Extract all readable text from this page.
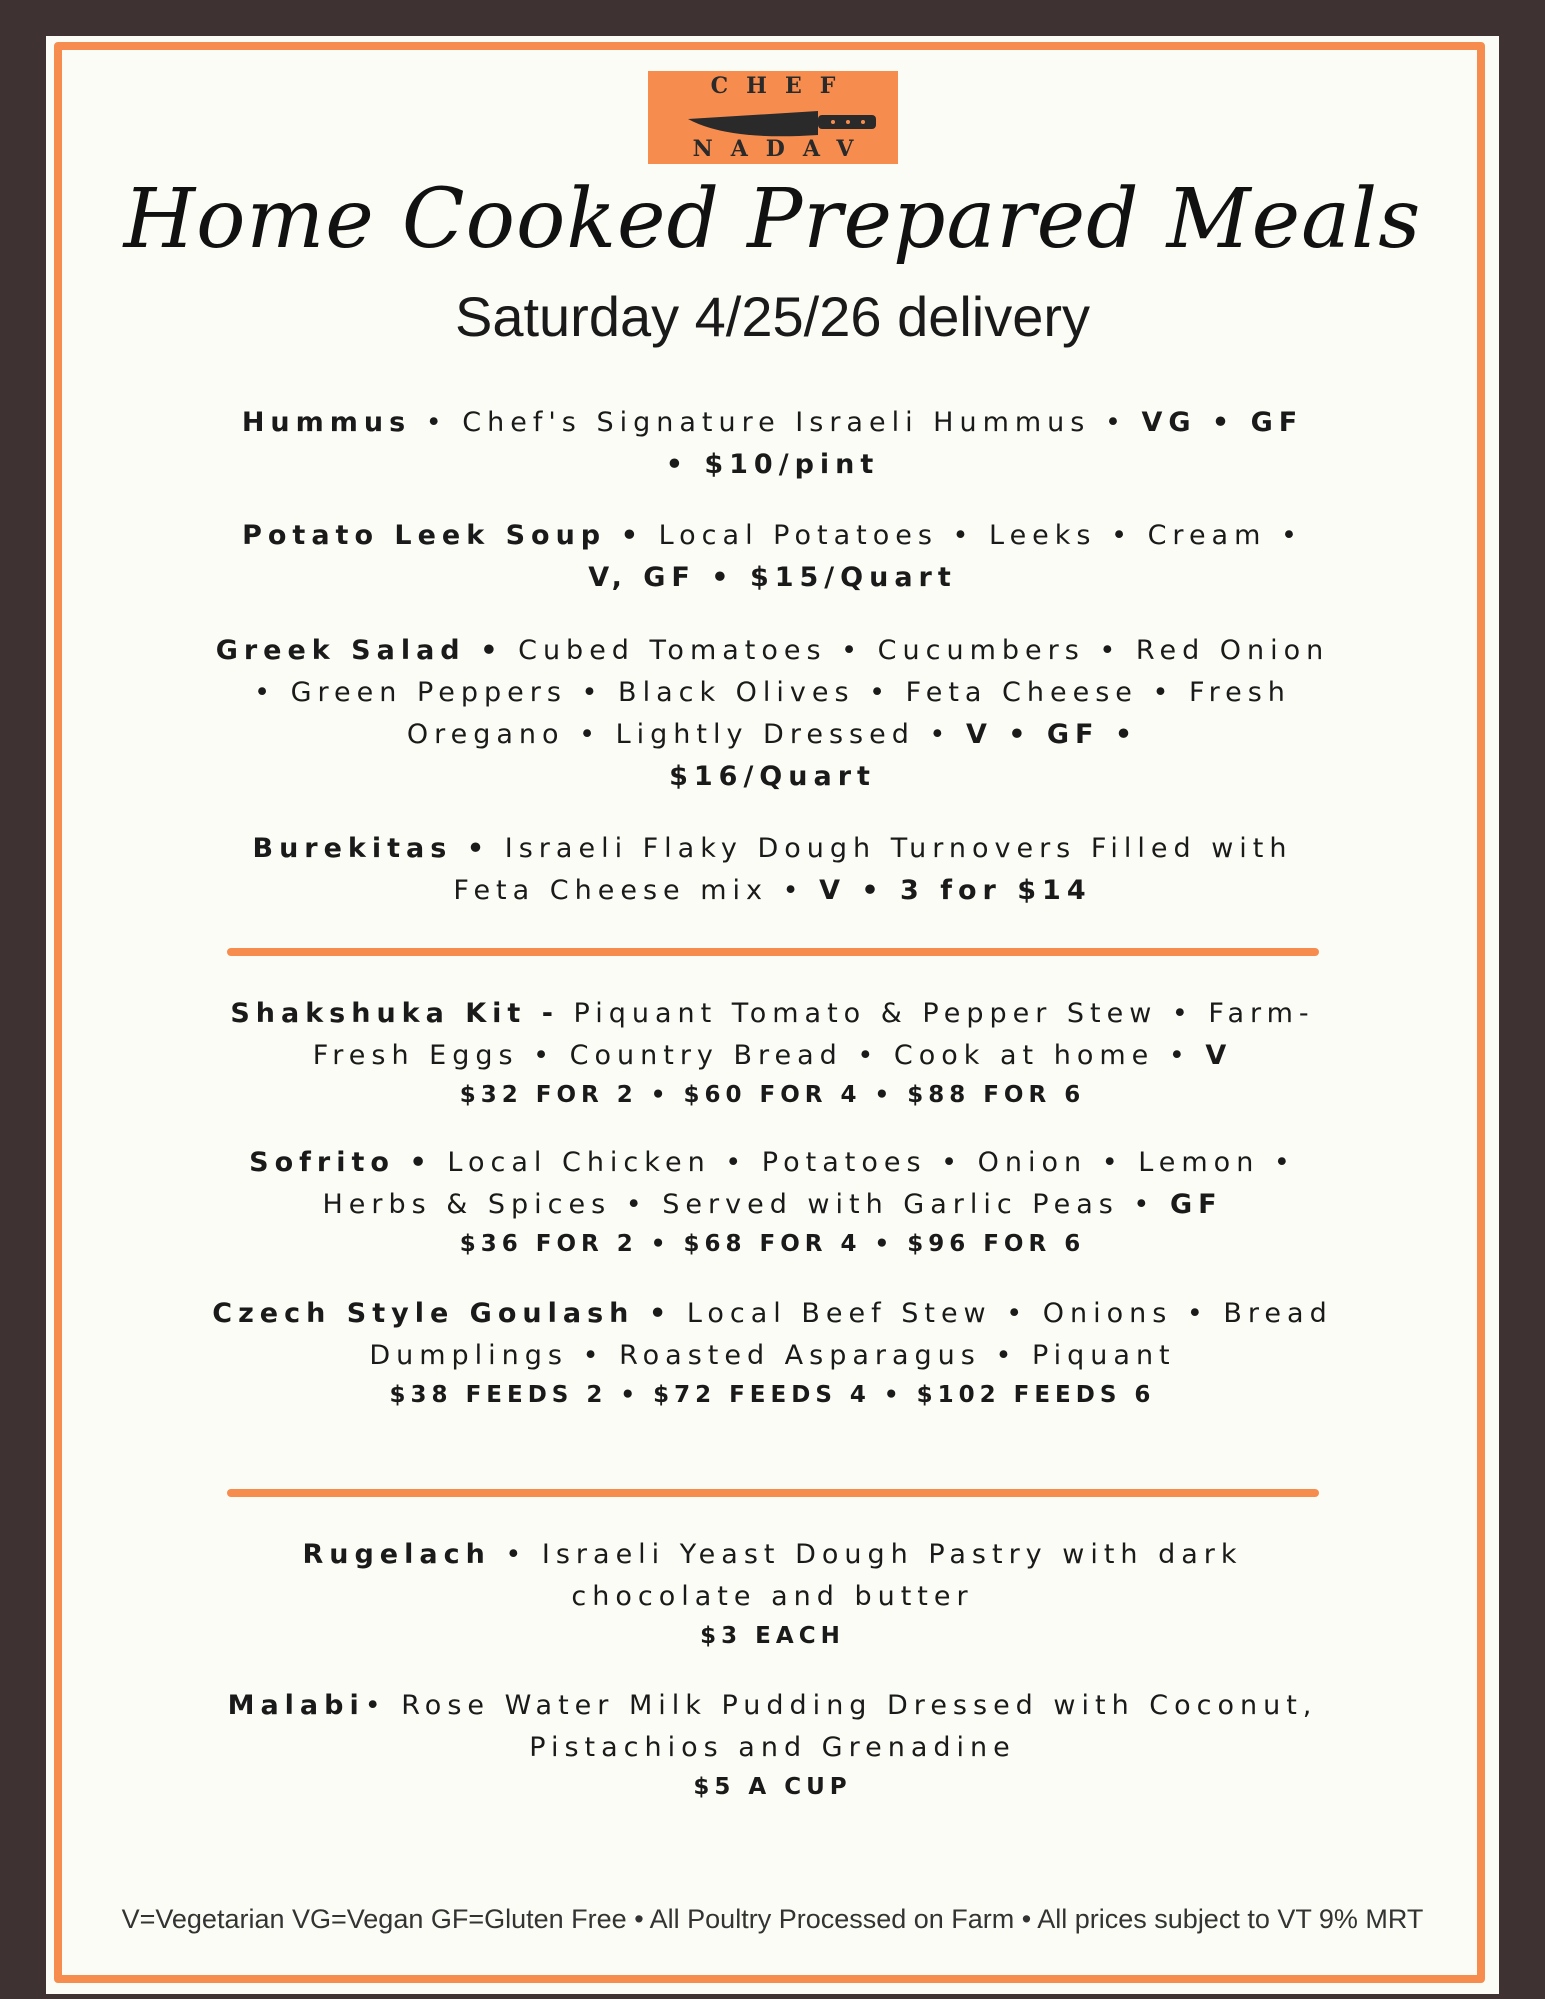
CHEF
NADAV
Home Cooked Prepared Meals
Saturday 4/25/26 delivery
Hummus • Chef's Signature Israeli Hummus • VG • GF
• $10/pint
Potato Leek Soup • Local Potatoes • Leeks • Cream •
V, GF • $15/Quart
Greek Salad • Cubed Tomatoes • Cucumbers • Red Onion • Green Peppers • Black Olives • Feta Cheese • Fresh Oregano • Lightly Dressed • V • GF •
$16/Quart
Burekitas • Israeli Flaky Dough Turnovers Filled with Feta Cheese mix • V • 3 for $14
Shakshuka Kit - Piquant Tomato & Pepper Stew • Farm-Fresh Eggs • Country Bread • Cook at home • V
$32 FOR 2 • $60 FOR 4 • $88 FOR 6
Sofrito • Local Chicken • Potatoes • Onion • Lemon • Herbs & Spices • Served with Garlic Peas • GF
$36 FOR 2 • $68 FOR 4 • $96 FOR 6
Czech Style Goulash • Local Beef Stew • Onions • Bread Dumplings • Roasted Asparagus • Piquant
$38 FEEDS 2 • $72 FEEDS 4 • $102 FEEDS 6
Rugelach • Israeli Yeast Dough Pastry with dark chocolate and butter
$3 EACH
Malabi• Rose Water Milk Pudding Dressed with Coconut, Pistachios and Grenadine
$5 A CUP
V=Vegetarian VG=Vegan GF=Gluten Free • All Poultry Processed on Farm • All prices subject to VT 9% MRT
